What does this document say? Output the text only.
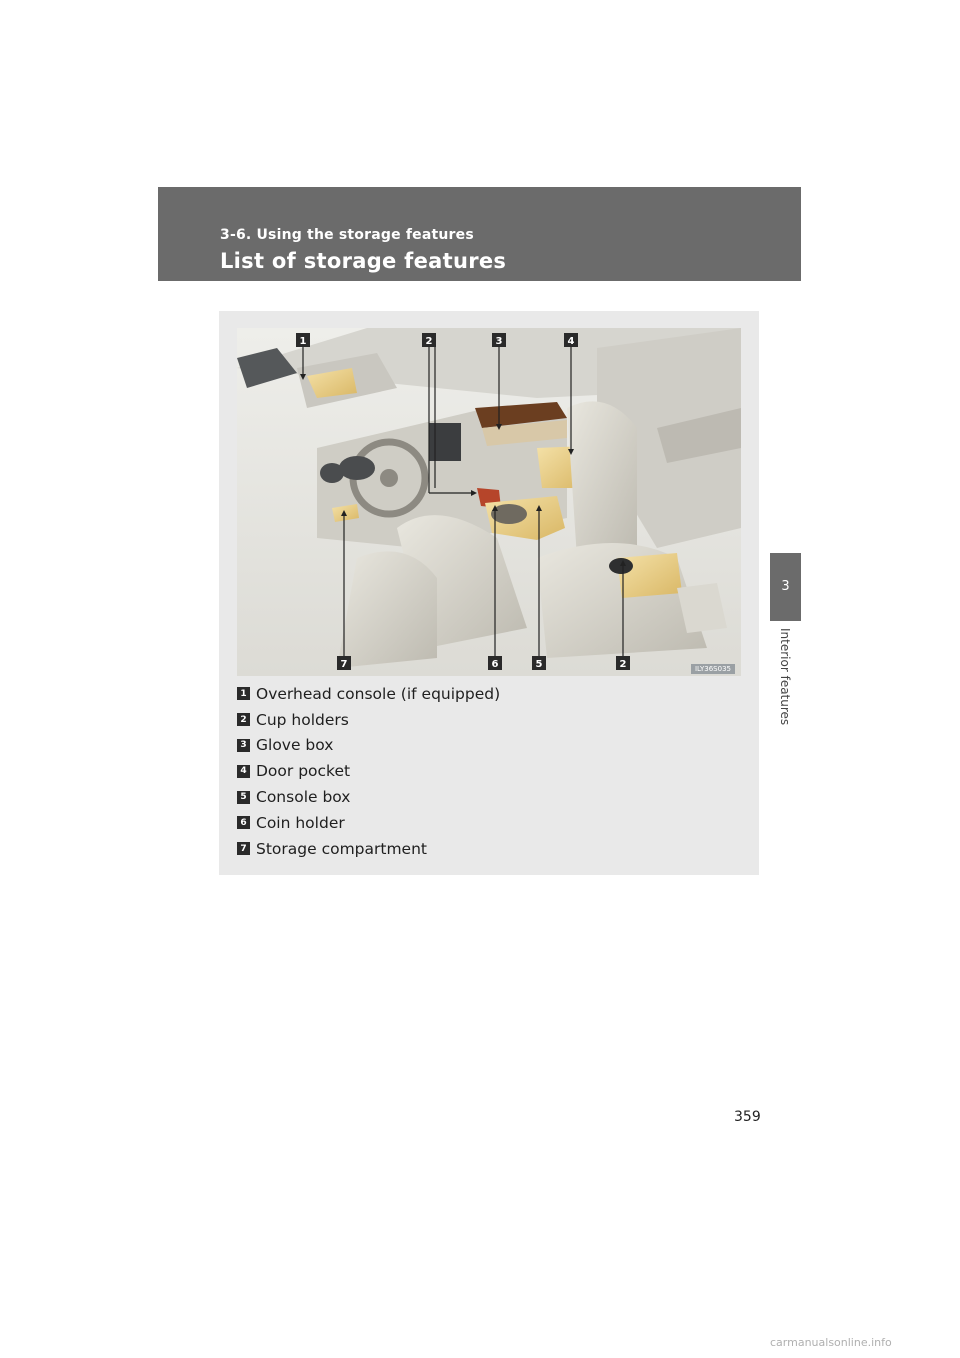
3-6. Using the storage features
List of storage features
3
Interior features
1	2	3	4
7	6	5	2	ILY36S035
1 Overhead console (if equipped)
2 Cup holders
3 Glove box
4 Door pocket
5 Console box
6 Coin holder
7 Storage compartment
359
carmanualsonline.info
